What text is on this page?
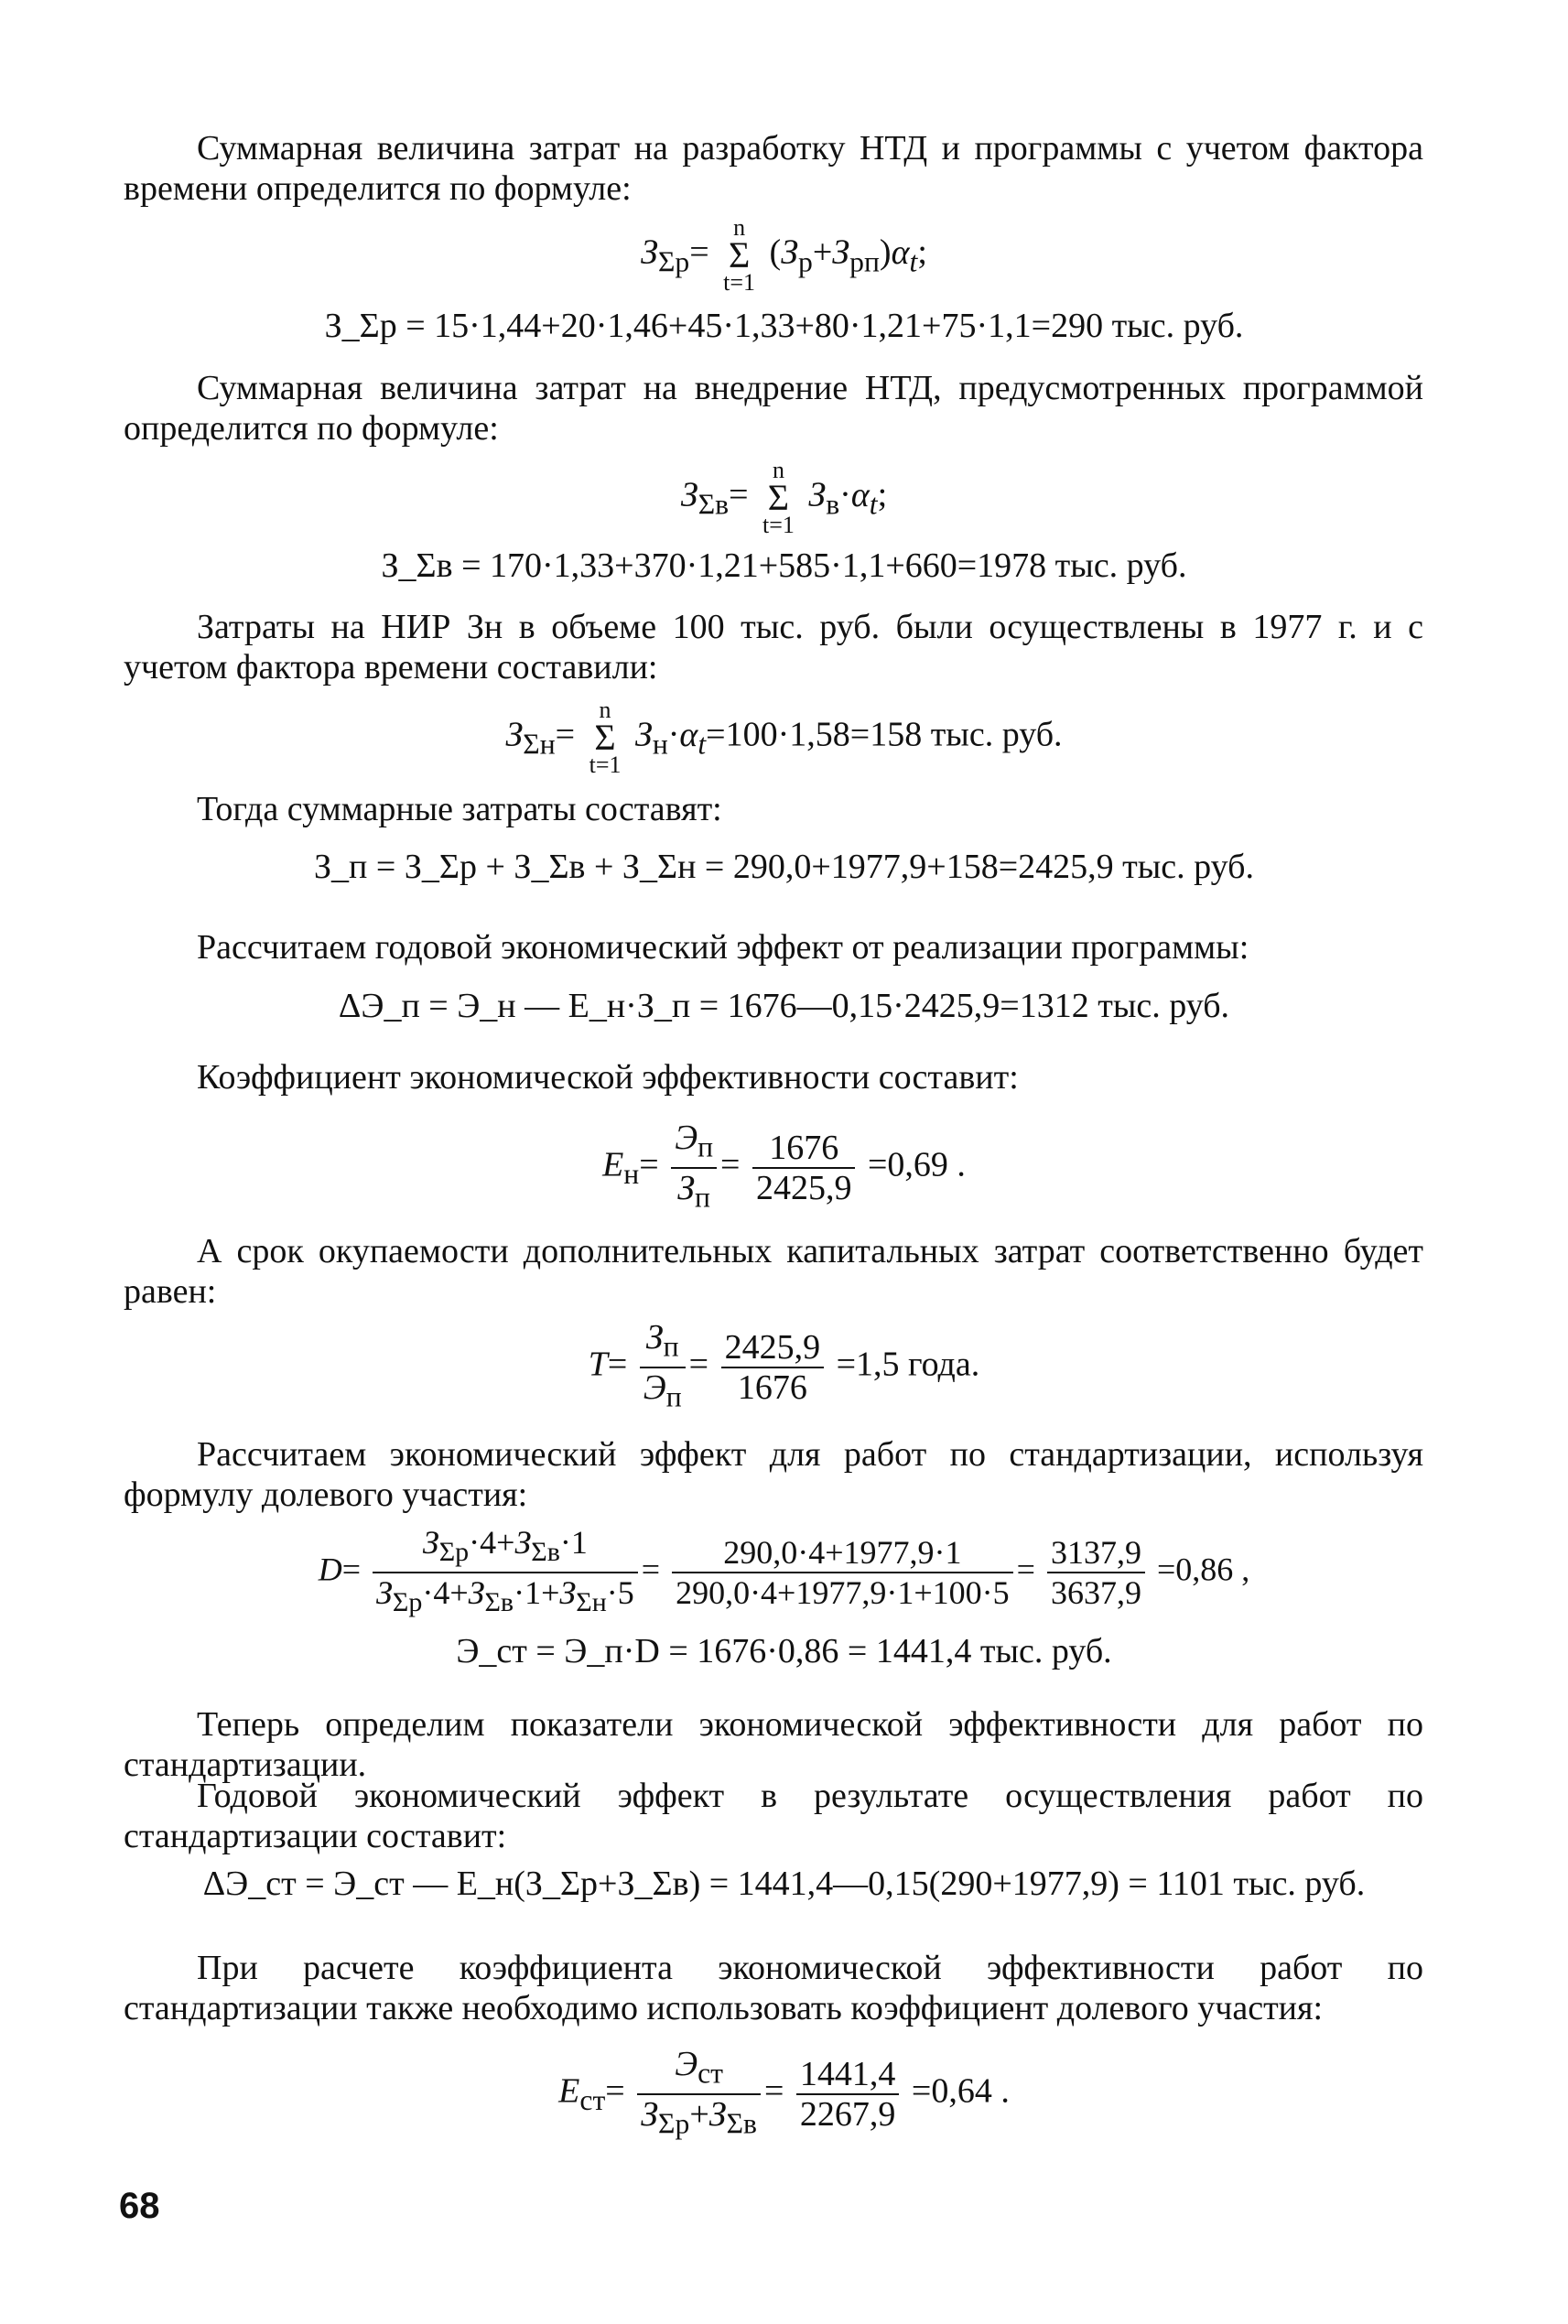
Суммарная величина затрат на разработку НТД и программы с учетом фактора времени определится по формуле:

$З_{\Sigma р}= n$
Σ
t=1 $(З_р+З_{рп})\alpha_t$;
З_Σр = 15·1,44+20·1,46+45·1,33+80·1,21+75·1,1=290 тыс. руб.

Суммарная величина затрат на внедрение НТД, предусмотренных программой определится по формуле:

$З_{\Sigma в}= n$
Σ
t=1 $З_в\cdot\alpha_t$;
З_Σв = 170·1,33+370·1,21+585·1,1+660=1978 тыс. руб.

Затраты на НИР Зн в объеме 100 тыс. руб. были осуществлены в 1977 г. и с учетом фактора времени составили:

$З_{\Sigma н}= n$
Σ
t=1 $З_н\cdot\alpha_t=100\cdot 1,58=158$ тыс. руб.

Тогда суммарные затраты составят:

З_п = З_Σр + З_Σв + З_Σн = 290,0+1977,9+158=2425,9 тыс. руб.

Рассчитаем годовой экономический эффект от реализации программы:

ΔЭ_п = Э_н — Е_н·З_п = 1676—0,15·2425,9=1312 тыс. руб.

Коэффициент экономической эффективности составит:

$Е_н=$
$Э_п$
$З_п$
= $\frac{1676}{2425,9} =0,69$ .

А срок окупаемости дополнительных капитальных затрат соответственно будет равен:

Т=
$З_п$
$Э_п$
= $\frac{2425,9}{1676} =1,5$ года.

Рассчитаем экономический эффект для работ по стандартизации, используя формулу долевого участия:

D=
$З_{\Sigma р}\cdot 4+З_{\Sigma в}\cdot 1$
$З_{\Sigma р}\cdot 4+З_{\Sigma в}\cdot 1+З_{\Sigma н}\cdot 5$
= $\frac{290,0\cdot 4+1977,9\cdot 1}{290,0\cdot 4+1977,9\cdot 1+100\cdot 5} = \frac{3137,9}{3637,9} =0,86$ ,
Э_ст = Э_п·D = 1676·0,86 = 1441,4 тыс. руб.

Теперь определим показатели экономической эффективности для работ по стандартизации.

Годовой экономический эффект в результате осуществления работ по стандартизации составит:

ΔЭ_ст = Э_ст — Е_н(З_Σр+З_Σв) = 1441,4—0,15(290+1977,9) = 1101 тыс. руб.

При расчете коэффициента экономической эффективности работ по стандартизации также необходимо использовать коэффициент долевого участия:

$Е_{ст}=$
$Э_{ст}$
$З_{\Sigma р}+З_{\Sigma в}$
= $\frac{1441,4}{2267,9} =0,64$ .
68
